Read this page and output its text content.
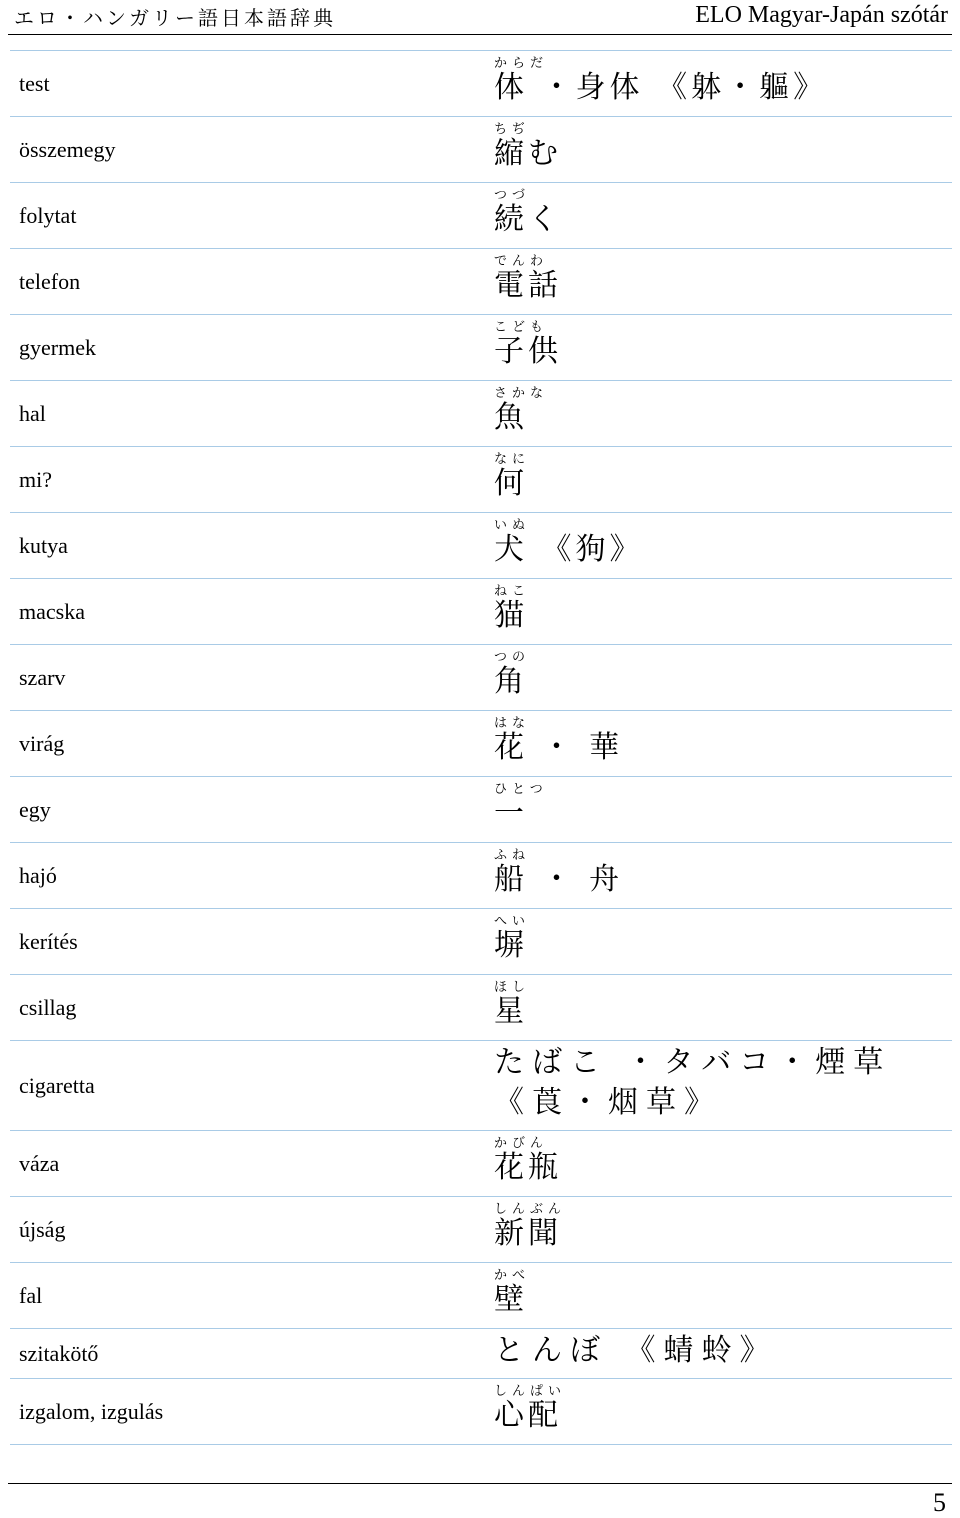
エロ・ハンガリー語日本語辞典	ELO Magyar-Japán szótár
test
からだ
体 ・身体 《躰・軀》
összemegy
ちぢ
縮む
folytat
つづ
続く
telefon
でんわ
電話
gyermek
こども
子供
hal
さかな
魚
mi?
なに
何
kutya
いぬ
犬 《狗》
macska
ねこ
猫
szarv
つの
角
virág
はな
花 ・ 華
egy
ひとつ
一
hajó
ふね
船 ・ 舟
kerítés
へい
塀
csillag
ほし
星
cigaretta
たばこ ・タバコ・煙草
《莨・烟草》
váza
かびん
花瓶
újság
しんぶん
新聞
fal
かべ
壁
szitakötő	とんぼ 《蜻蛉》
izgalom, izgulás
しんぱい
心配
5
